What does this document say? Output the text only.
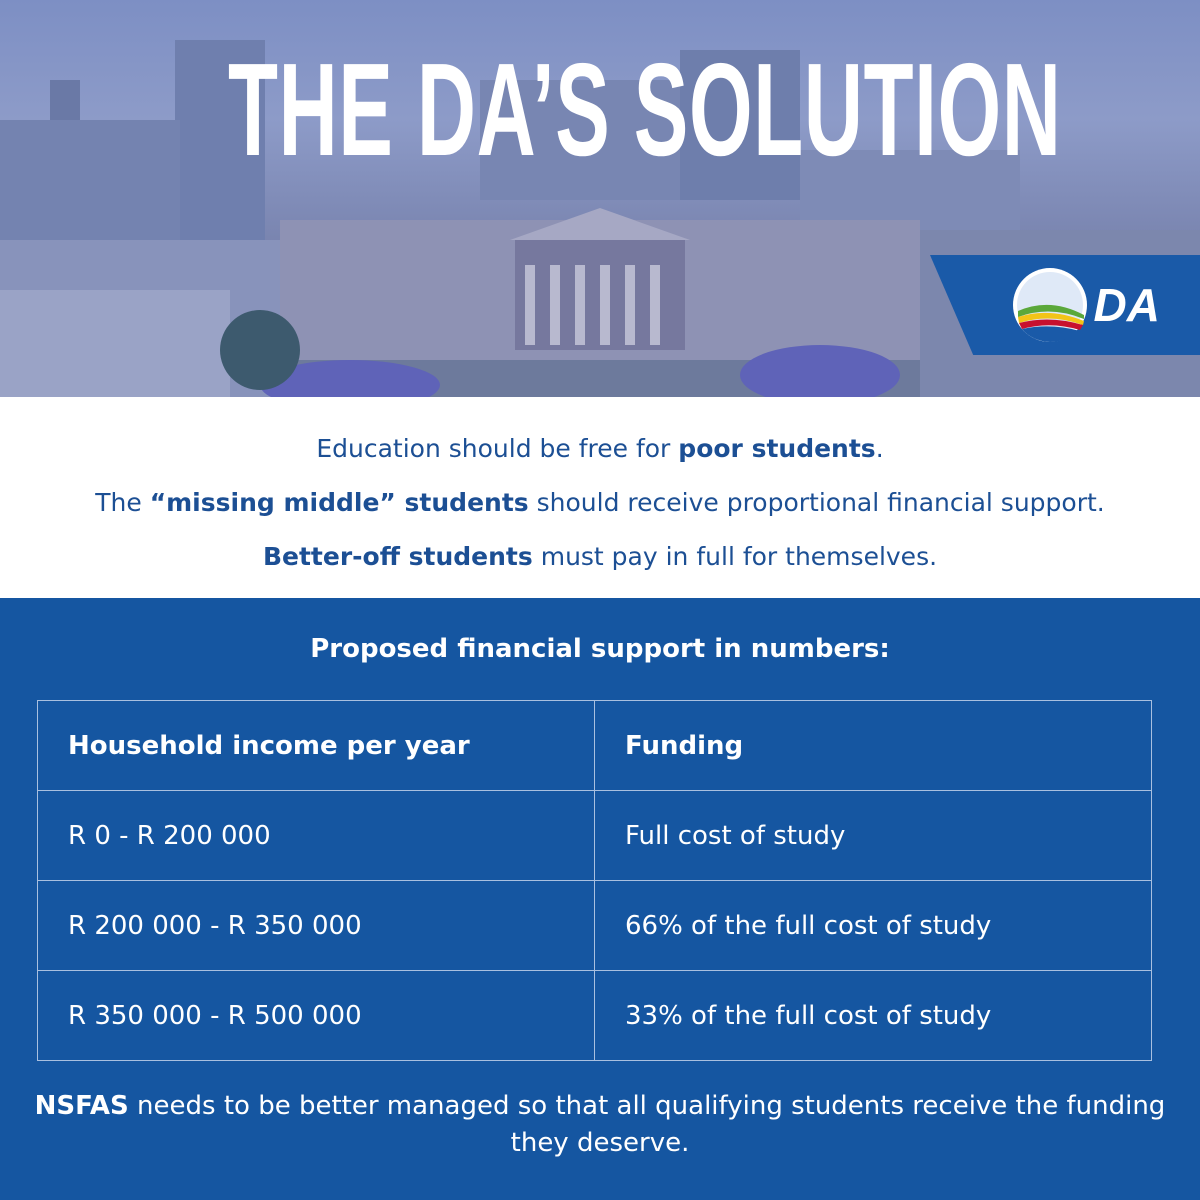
THE DA’S SOLUTION
DA

Education should be free for poor students.

The “missing middle” students should receive proportional financial support.

Better-off students must pay in full for themselves.

Proposed financial support in numbers:
Household income per year	Funding
R 0 - R 200 000	Full cost of study
R 200 000 - R 350 000	66% of the full cost of study
R 350 000 - R 500 000	33% of the full cost of study
NSFAS needs to be better managed so that all qualifying students receive the funding they deserve.
